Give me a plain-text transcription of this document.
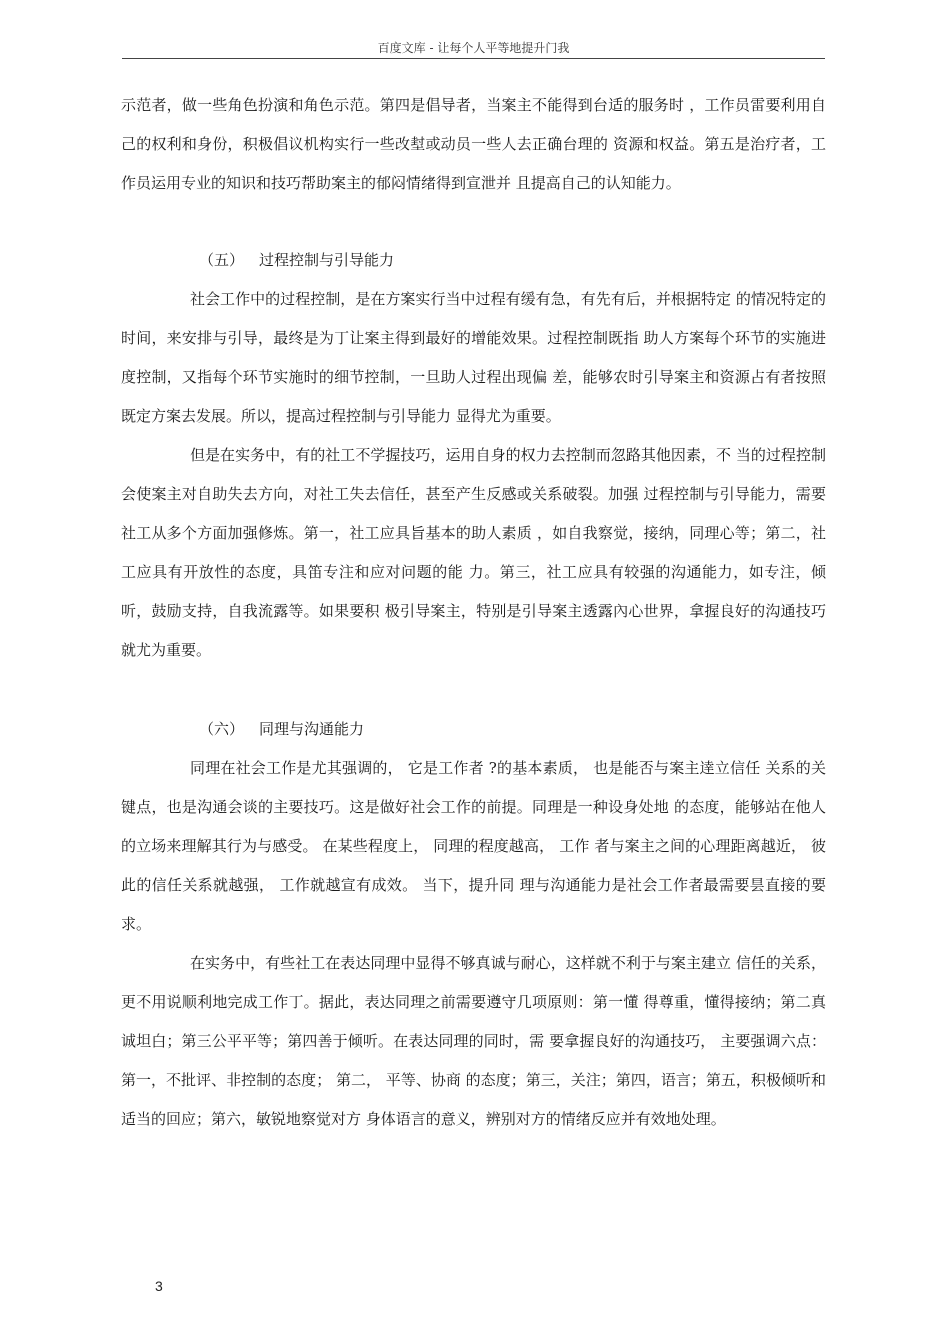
百度文库 - 让每个人平等地提升门我

示范者，做一些角色扮演和角色示范。第四是倡导者，当案主不能得到台适的服务时 ，工作员雷要利用自己的权利和身份，积极倡议机构实行一些改堼或动员一些人去正确台理的 资源和权益。第五是治疗者，工作员运用专业的知识和技巧帮助案主的郁闷情绪得到宣泄并 且提高自己的认知能力。

（五） 过程控制与引导能力

社会工作中的过程控制，是在方案实行当中过程有缓有急，有先有后，并根据特定 的情况特定的时间，来安排与引导，最终是为丁让案主得到最好的增能效果。过程控制既指 助人方案每个环节的实施进度控制，又指每个环节实施时的细节控制，一旦助人过程出现偏 差，能够农时引导案主和资源占有者按照既定方案去发展。所以，提高过程控制与引导能力 显得尤为重要。

但是在实务中，有的社工不学握技巧，运用自身的权力去控制而忽路其他因素，不 当的过程控制会使案主对自助失去方向，对社工失去信任，甚至产生反感或关系破裂。加强 过程控制与引导能力，需要社工从多个方面加强修炼。第一，社工应具旨基本的助人素质 ，如自我察觉，接纳，同理心等；第二，社工应具有开放性的态度，具笛专注和应对问题的能 力。第三，社工应具有较强的沟通能力，如专注，倾听，鼓励支持，自我流露等。如果要积 极引导案主，特别是引导案主透露內心世界，拿握良好的沟通技巧就尤为重要。

（六） 同理与沟通能力

同理在社会工作是尤其强调的， 它是工作者 ?的基本素质， 也是能否与案主逹立信任 关系的关键点，也是沟通会谈的主要技巧。这是做好社会工作的前提。同理是一种设身处地 的态度，能够站在他人的立场来理解其行为与感受。 在某些程度上， 同理的程度越高， 工作 者与案主之间的心理距离越近， 彼此的信任关系就越强， 工作就越宣有成效。 当下，提升同 理与沟通能力是社会工作者最需要昙直接的要求。

在实务中，有些社工在表达同理中显得不够真诚与耐心，这样就不利于与案主建立 信任的关系，更不用说顺利地完成工作丁。据此，表达同理之前需要遵守几项原则：第一懂 得尊重，懂得接纳；第二真诚坦白；第三公平平等；第四善于倾听。在表达同理的同时，需 要拿握良好的沟通技巧， 主要强调六点： 第一，不批评、非控制的态度； 第二， 平等、协商 的态度；第三，关注；第四，语言；第五，积极倾听和适当的回应；第六，敏锐地察觉对方 身体语言的意义，辨别对方的情绪反应并有效地处理。

3
